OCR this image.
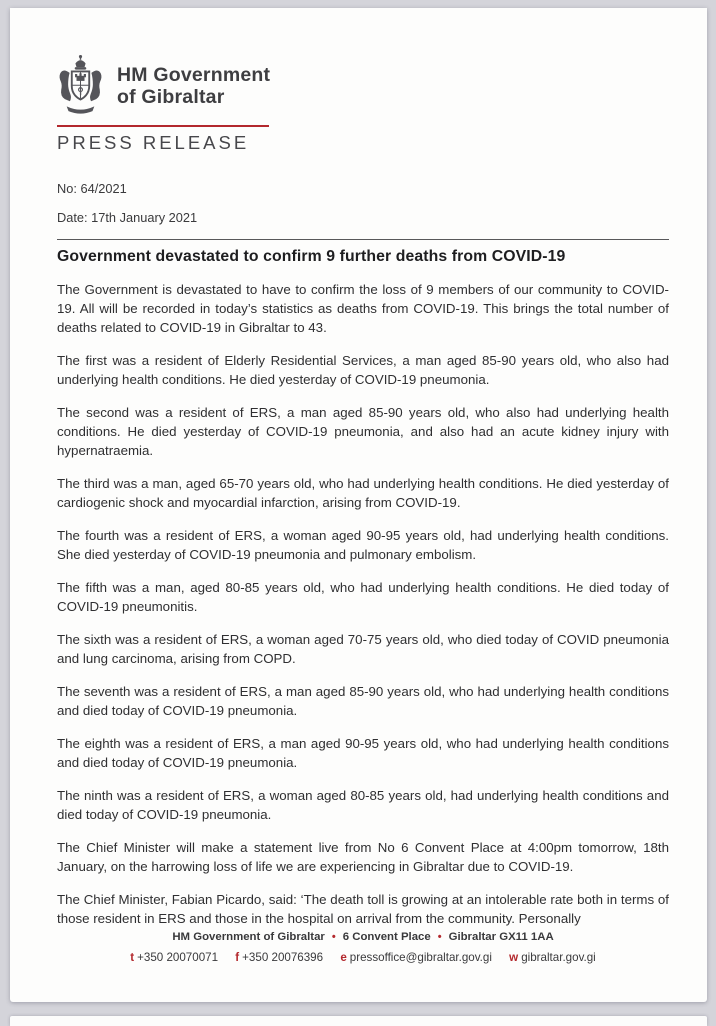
HM Government
of Gibraltar
PRESS RELEASE

No: 64/2021

Date: 17th January 2021

Government devastated to confirm 9 further deaths from COVID-19

The Government is devastated to have to confirm the loss of 9 members of our community to COVID-19. All will be recorded in today’s statistics as deaths from COVID-19. This brings the total number of deaths related to COVID-19 in Gibraltar to 43.

The first was a resident of Elderly Residential Services, a man aged 85-90 years old, who also had underlying health conditions. He died yesterday of COVID-19 pneumonia.

The second was a resident of ERS, a man aged 85-90 years old, who also had underlying health conditions. He died yesterday of COVID-19 pneumonia, and also had an acute kidney injury with hypernatraemia.

The third was a man, aged 65-70 years old, who had underlying health conditions. He died yesterday of cardiogenic shock and myocardial infarction, arising from COVID-19.

The fourth was a resident of ERS, a woman aged 90-95 years old, had underlying health conditions. She died yesterday of COVID-19 pneumonia and pulmonary embolism.

The fifth was a man, aged 80-85 years old, who had underlying health conditions. He died today of COVID-19 pneumonitis.

The sixth was a resident of ERS, a woman aged 70-75 years old, who died today of COVID pneumonia and lung carcinoma, arising from COPD.

The seventh was a resident of ERS, a man aged 85-90 years old, who had underlying health conditions and died today of COVID-19 pneumonia.

The eighth was a resident of ERS, a man aged 90-95 years old, who had underlying health conditions and died today of COVID-19 pneumonia.

The ninth was a resident of ERS, a woman aged 80-85 years old, had underlying health conditions and died today of COVID-19 pneumonia.

The Chief Minister will make a statement live from No 6 Convent Place at 4:00pm tomorrow, 18th January, on the harrowing loss of life we are experiencing in Gibraltar due to COVID-19.

The Chief Minister, Fabian Picardo, said: ‘The death toll is growing at an intolerable rate both in terms of those resident in ERS and those in the hospital on arrival from the community. Personally

HM Government of Gibraltar • 6 Convent Place • Gibraltar GX11 1AA
t +350 20070071 f +350 20076396 e pressoffice@gibraltar.gov.gi w gibraltar.gov.gi
